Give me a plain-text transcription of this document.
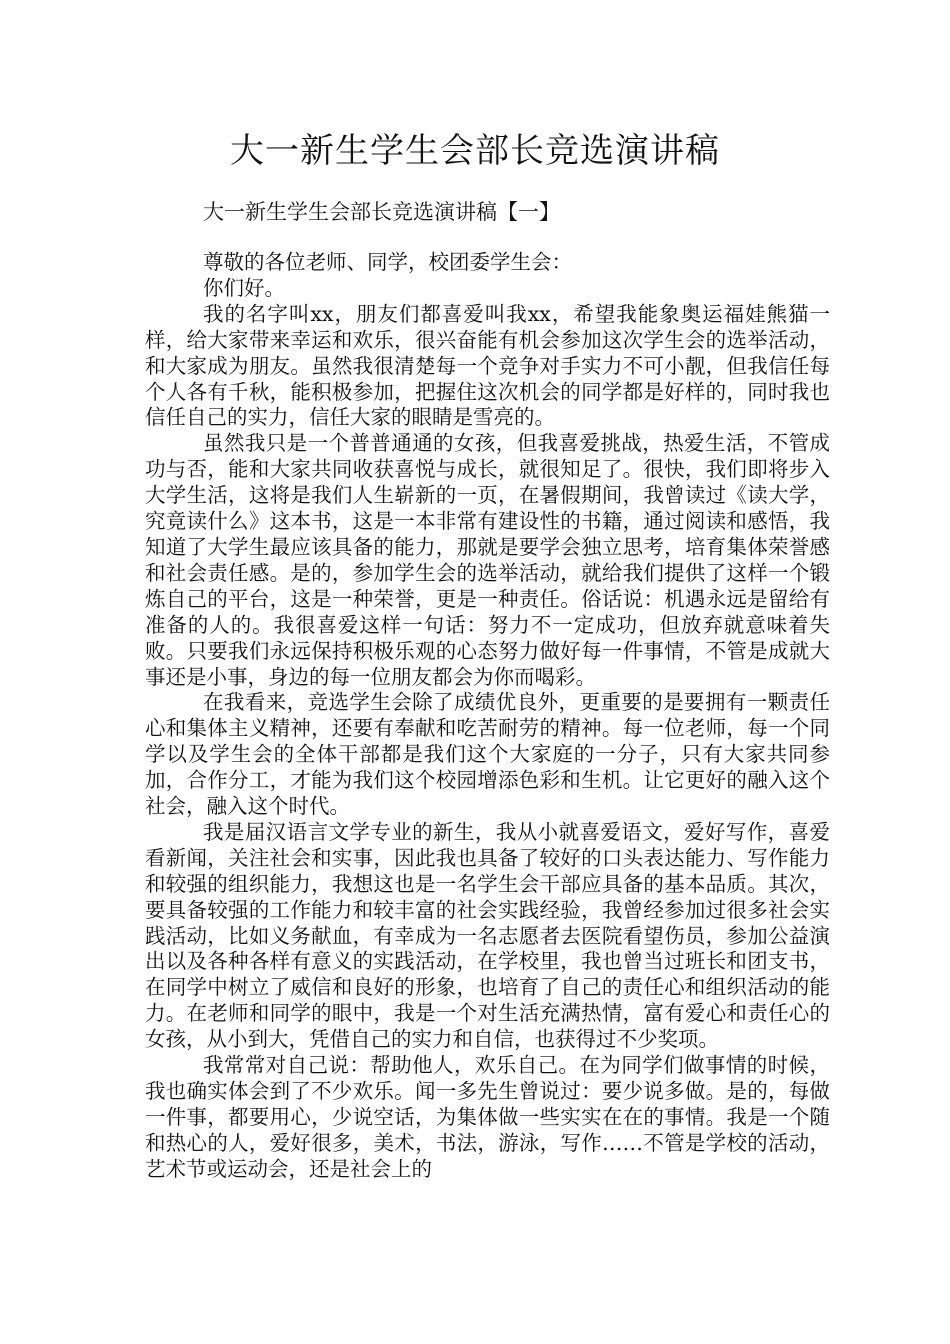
大一新生学生会部长竞选演讲稿
大一新生学生会部长竞选演讲稿【一】

尊敬的各位老师、同学，校团委学生会：

你们好。

我的名字叫xx，朋友们都喜爱叫我xx，希望我能象奥运福娃熊猫一样，给大家带来幸运和欢乐，很兴奋能有机会参加这次学生会的选举活动，和大家成为朋友。虽然我很清楚每一个竞争对手实力不可小靓，但我信任每个人各有千秋，能积极参加，把握住这次机会的同学都是好样的，同时我也信任自己的实力，信任大家的眼睛是雪亮的。

虽然我只是一个普普通通的女孩，但我喜爱挑战，热爱生活，不管成功与否，能和大家共同收获喜悦与成长，就很知足了。很快，我们即将步入大学生活，这将是我们人生崭新的一页，在暑假期间，我曾读过《读大学，究竟读什么》这本书，这是一本非常有建设性的书籍，通过阅读和感悟，我知道了大学生最应该具备的能力，那就是要学会独立思考，培育集体荣誉感和社会责任感。是的，参加学生会的选举活动，就给我们提供了这样一个锻炼自己的平台，这是一种荣誉，更是一种责任。俗话说：机遇永远是留给有准备的人的。我很喜爱这样一句话：努力不一定成功，但放弃就意味着失败。只要我们永远保持积极乐观的心态努力做好每一件事情，不管是成就大事还是小事，身边的每一位朋友都会为你而喝彩。

在我看来，竞选学生会除了成绩优良外，更重要的是要拥有一颗责任心和集体主义精神，还要有奉献和吃苦耐劳的精神。每一位老师，每一个同学以及学生会的全体干部都是我们这个大家庭的一分子，只有大家共同参加，合作分工，才能为我们这个校园增添色彩和生机。让它更好的融入这个社会，融入这个时代。

我是届汉语言文学专业的新生，我从小就喜爱语文，爱好写作，喜爱看新闻，关注社会和实事，因此我也具备了较好的口头表达能力、写作能力和较强的组织能力，我想这也是一名学生会干部应具备的基本品质。其次，要具备较强的工作能力和较丰富的社会实践经验，我曾经参加过很多社会实践活动，比如义务献血，有幸成为一名志愿者去医院看望伤员，参加公益演出以及各种各样有意义的实践活动，在学校里，我也曾当过班长和团支书，在同学中树立了威信和良好的形象，也培育了自己的责任心和组织活动的能力。在老师和同学的眼中，我是一个对生活充满热情，富有爱心和责任心的女孩，从小到大，凭借自己的实力和自信，也获得过不少奖项。

我常常对自己说：帮助他人，欢乐自己。在为同学们做事情的时候，我也确实体会到了不少欢乐。闻一多先生曾说过：要少说多做。是的，每做一件事，都要用心，少说空话，为集体做一些实实在在的事情。我是一个随和热心的人，爱好很多，美术，书法，游泳，写作……不管是学校的活动，艺术节或运动会，还是社会上的
